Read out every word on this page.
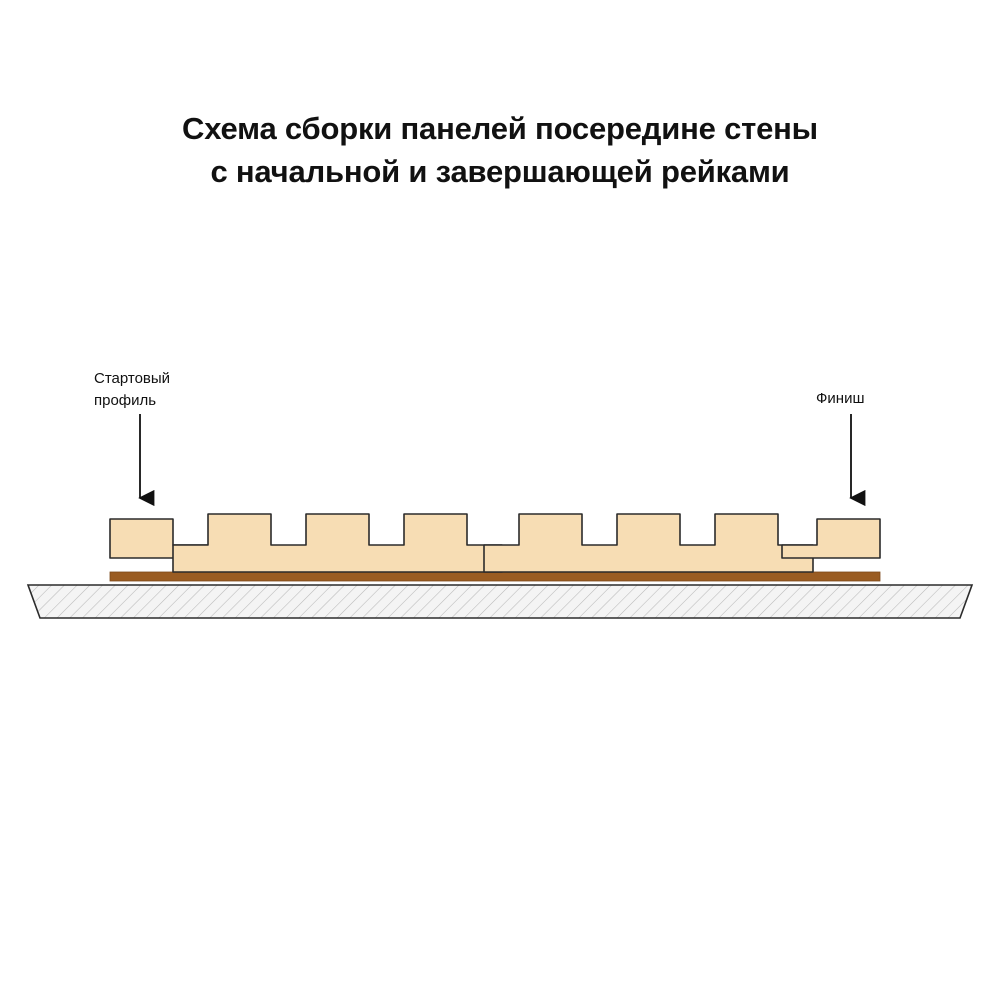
Схема сборки панелей посередине стены
с начальной и завершающей рейками
Стартовый
профиль	Финиш
